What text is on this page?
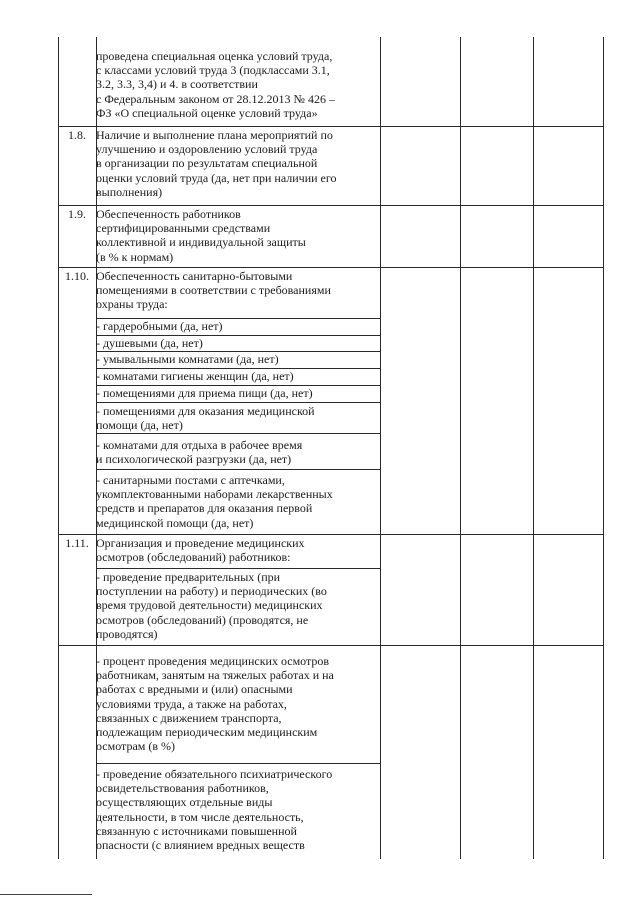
1.8.
1.9.
1.10.
1.11.
проведена специальная оценка условий труда,
с классами условий труда 3 (подклассами 3.1,
3.2, 3.3, 3,4) и 4. в соответствии
с Федеральным законом от 28.12.2013 № 426 –
ФЗ «О специальной оценке условий труда»
Наличие и выполнение плана мероприятий по
улучшению и оздоровлению условий труда
в организации по результатам специальной
оценки условий труда (да, нет при наличии его
выполнения)
Обеспеченность работников
сертифицированными средствами
коллективной и индивидуальной защиты
(в % к нормам)
Обеспеченность санитарно-бытовыми
помещениями в соответствии с требованиями
охраны труда:
- гардеробными (да, нет)
- душевыми (да, нет)
- умывальными комнатами (да, нет)
- комнатами гигиены женщин (да, нет)
- помещениями для приема пищи (да, нет)
- помещениями для оказания медицинской
помощи (да, нет)
- комнатами для отдыха в рабочее время
и психологической разгрузки (да, нет)
- санитарными постами с аптечками,
укомплектованными наборами лекарственных
средств и препаратов для оказания первой
медицинской помощи (да, нет)
Организация и проведение медицинских
осмотров (обследований) работников:
- проведение предварительных (при
поступлении на работу) и периодических (во
время трудовой деятельности) медицинских
осмотров (обследований) (проводятся, не
проводятся)
- процент проведения медицинских осмотров
работникам, занятым на тяжелых работах и на
работах с вредными и (или) опасными
условиями труда, а также на работах,
связанных с движением транспорта,
подлежащим периодическим медицинским
осмотрам (в %)
- проведение обязательного психиатрического
освидетельствования работников,
осуществляющих отдельные виды
деятельности, в том числе деятельность,
связанную с источниками повышенной
опасности (с влиянием вредных веществ
